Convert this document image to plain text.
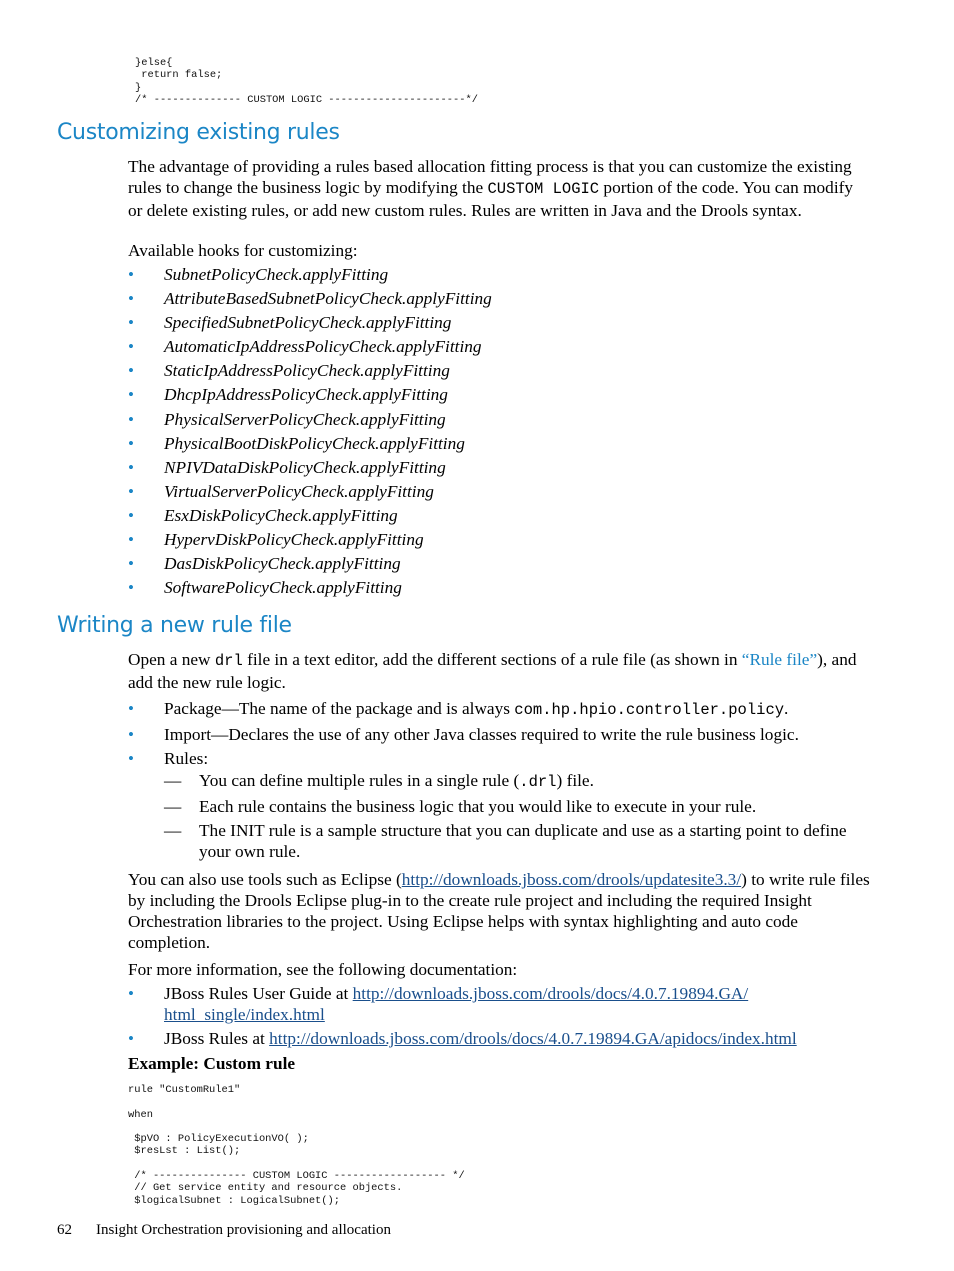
}else{
return false;
}
/* -------------- CUSTOM LOGIC ----------------------*/
Customizing existing rules

The advantage of providing a rules based allocation fitting process is that you can customize the existing rules to change the business logic by modifying the CUSTOM LOGIC portion of the code. You can modify or delete existing rules, or add new custom rules. Rules are written in Java and the Drools syntax.

Available hooks for customizing:

• SubnetPolicyCheck.applyFitting
• AttributeBasedSubnetPolicyCheck.applyFitting
• SpecifiedSubnetPolicyCheck.applyFitting
• AutomaticIpAddressPolicyCheck.applyFitting
• StaticIpAddressPolicyCheck.applyFitting
• DhcpIpAddressPolicyCheck.applyFitting
• PhysicalServerPolicyCheck.applyFitting
• PhysicalBootDiskPolicyCheck.applyFitting
• NPIVDataDiskPolicyCheck.applyFitting
• VirtualServerPolicyCheck.applyFitting
• EsxDiskPolicyCheck.applyFitting
• HypervDiskPolicyCheck.applyFitting
• DasDiskPolicyCheck.applyFitting
• SoftwarePolicyCheck.applyFitting
Writing a new rule file

Open a new drl file in a text editor, add the different sections of a rule file (as shown in “Rule file”), and add the new rule logic.

• Package—The name of the package and is always com.hp.hpio.controller.policy.
• Import—Declares the use of any other Java classes required to write the rule business logic.
• Rules:
— You can define multiple rules in a single rule (.drl) file.
— Each rule contains the business logic that you would like to execute in your rule.
— The INIT rule is a sample structure that you can duplicate and use as a starting point to define your own rule.

You can also use tools such as Eclipse (http://downloads.jboss.com/drools/updatesite3.3/) to write rule files by including the Drools Eclipse plug-in to the create rule project and including the required Insight Orchestration libraries to the project. Using Eclipse helps with syntax highlighting and auto code completion.

For more information, see the following documentation:

• JBoss Rules User Guide at http://downloads.jboss.com/drools/docs/4.0.7.19894.GA/ html_single/index.html
• JBoss Rules at http://downloads.jboss.com/drools/docs/4.0.7.19894.GA/apidocs/index.html

Example: Custom rule

rule "CustomRule1"

when

$pVO : PolicyExecutionVO( );
$resLst : List();

/* --------------- CUSTOM LOGIC ------------------ */
// Get service entity and resource objects.
$logicalSubnet : LogicalSubnet();
62 Insight Orchestration provisioning and allocation
